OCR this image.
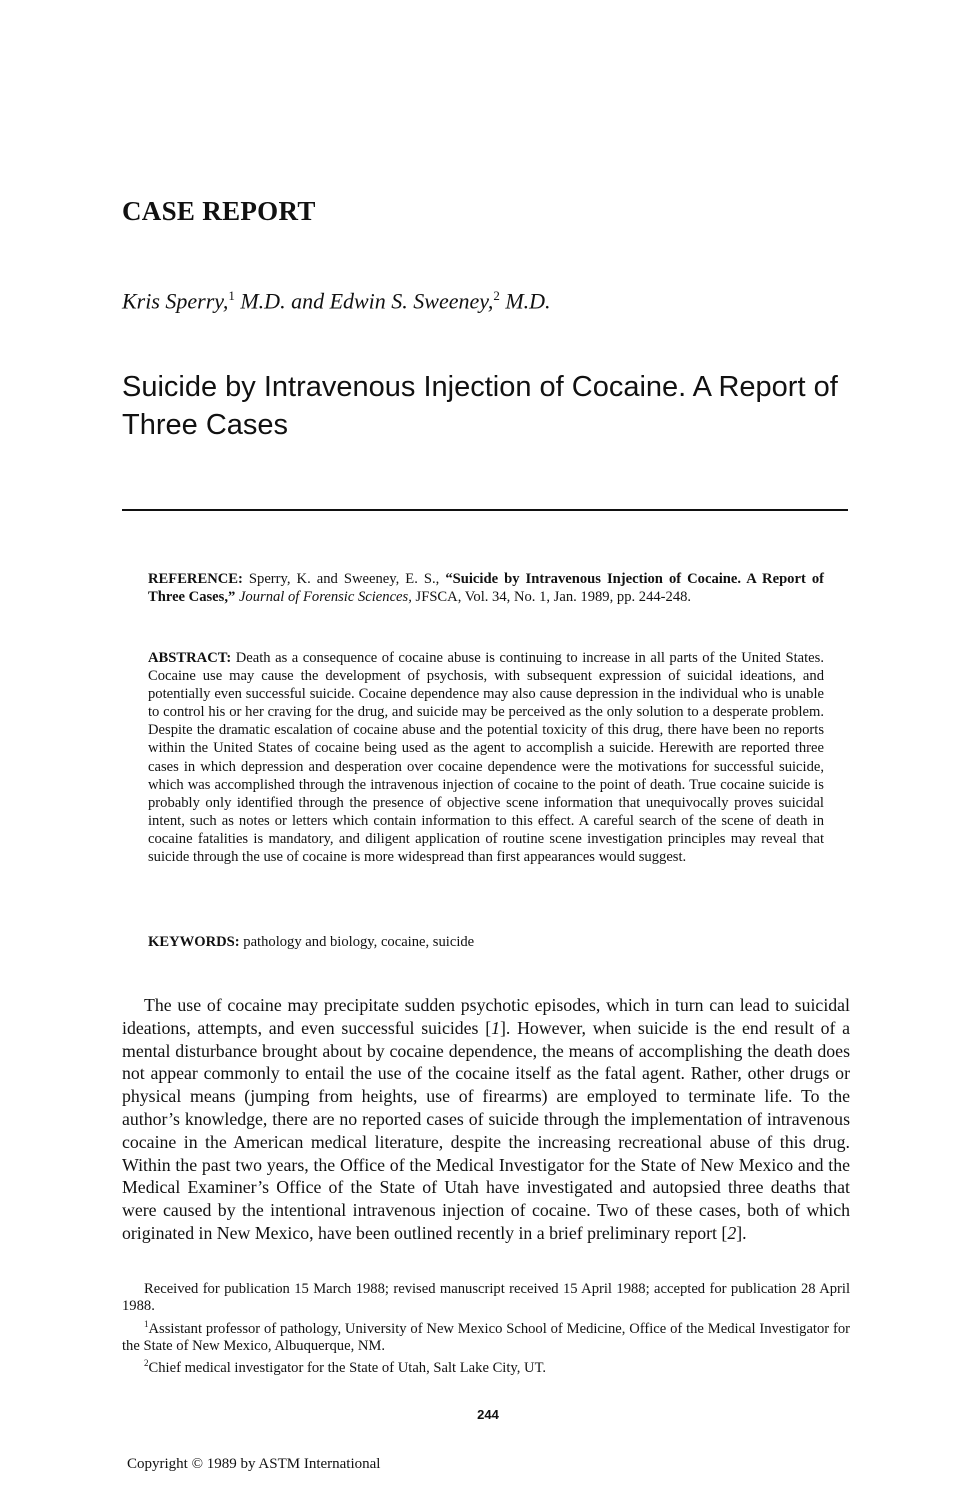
CASE REPORT
Kris Sperry,$^1$ M.D. and Edwin S. Sweeney,$^2$ M.D.
Suicide by Intravenous Injection of Cocaine. A Report of Three Cases
REFERENCE: Sperry, K. and Sweeney, E. S., “Suicide by Intravenous Injection of Cocaine. A Report of Three Cases,” Journal of Forensic Sciences, JFSCA, Vol. 34, No. 1, Jan. 1989, pp. 244-248.
ABSTRACT: Death as a consequence of cocaine abuse is continuing to increase in all parts of the United States. Cocaine use may cause the development of psychosis, with subsequent expression of suicidal ideations, and potentially even successful suicide. Cocaine dependence may also cause depression in the individual who is unable to control his or her craving for the drug, and suicide may be perceived as the only solution to a desperate problem. Despite the dramatic escalation of cocaine abuse and the potential toxicity of this drug, there have been no reports within the United States of cocaine being used as the agent to accomplish a suicide. Herewith are reported three cases in which depression and desperation over cocaine dependence were the motivations for successful suicide, which was accomplished through the intravenous injection of cocaine to the point of death. True cocaine suicide is probably only identified through the presence of objective scene information that unequivocally proves suicidal intent, such as notes or letters which contain information to this effect. A careful search of the scene of death in cocaine fatalities is mandatory, and diligent application of routine scene investigation principles may reveal that suicide through the use of cocaine is more widespread than first appearances would suggest.
KEYWORDS: pathology and biology, cocaine, suicide
The use of cocaine may precipitate sudden psychotic episodes, which in turn can lead to suicidal ideations, attempts, and even successful suicides [1]. However, when suicide is the end result of a mental disturbance brought about by cocaine dependence, the means of accomplishing the death does not appear commonly to entail the use of the cocaine itself as the fatal agent. Rather, other drugs or physical means (jumping from heights, use of firearms) are employed to terminate life. To the author’s knowledge, there are no reported cases of suicide through the implementation of intravenous cocaine in the American medical literature, despite the increasing recreational abuse of this drug. Within the past two years, the Office of the Medical Investigator for the State of New Mexico and the Medical Examiner’s Office of the State of Utah have investigated and autopsied three deaths that were caused by the intentional intravenous injection of cocaine. Two of these cases, both of which originated in New Mexico, have been outlined recently in a brief preliminary report [2].

Received for publication 15 March 1988; revised manuscript received 15 April 1988; accepted for publication 28 April 1988.

$^1$Assistant professor of pathology, University of New Mexico School of Medicine, Office of the Medical Investigator for the State of New Mexico, Albuquerque, NM.

$^2$Chief medical investigator for the State of Utah, Salt Lake City, UT.

244
Copyright © 1989 by ASTM International
